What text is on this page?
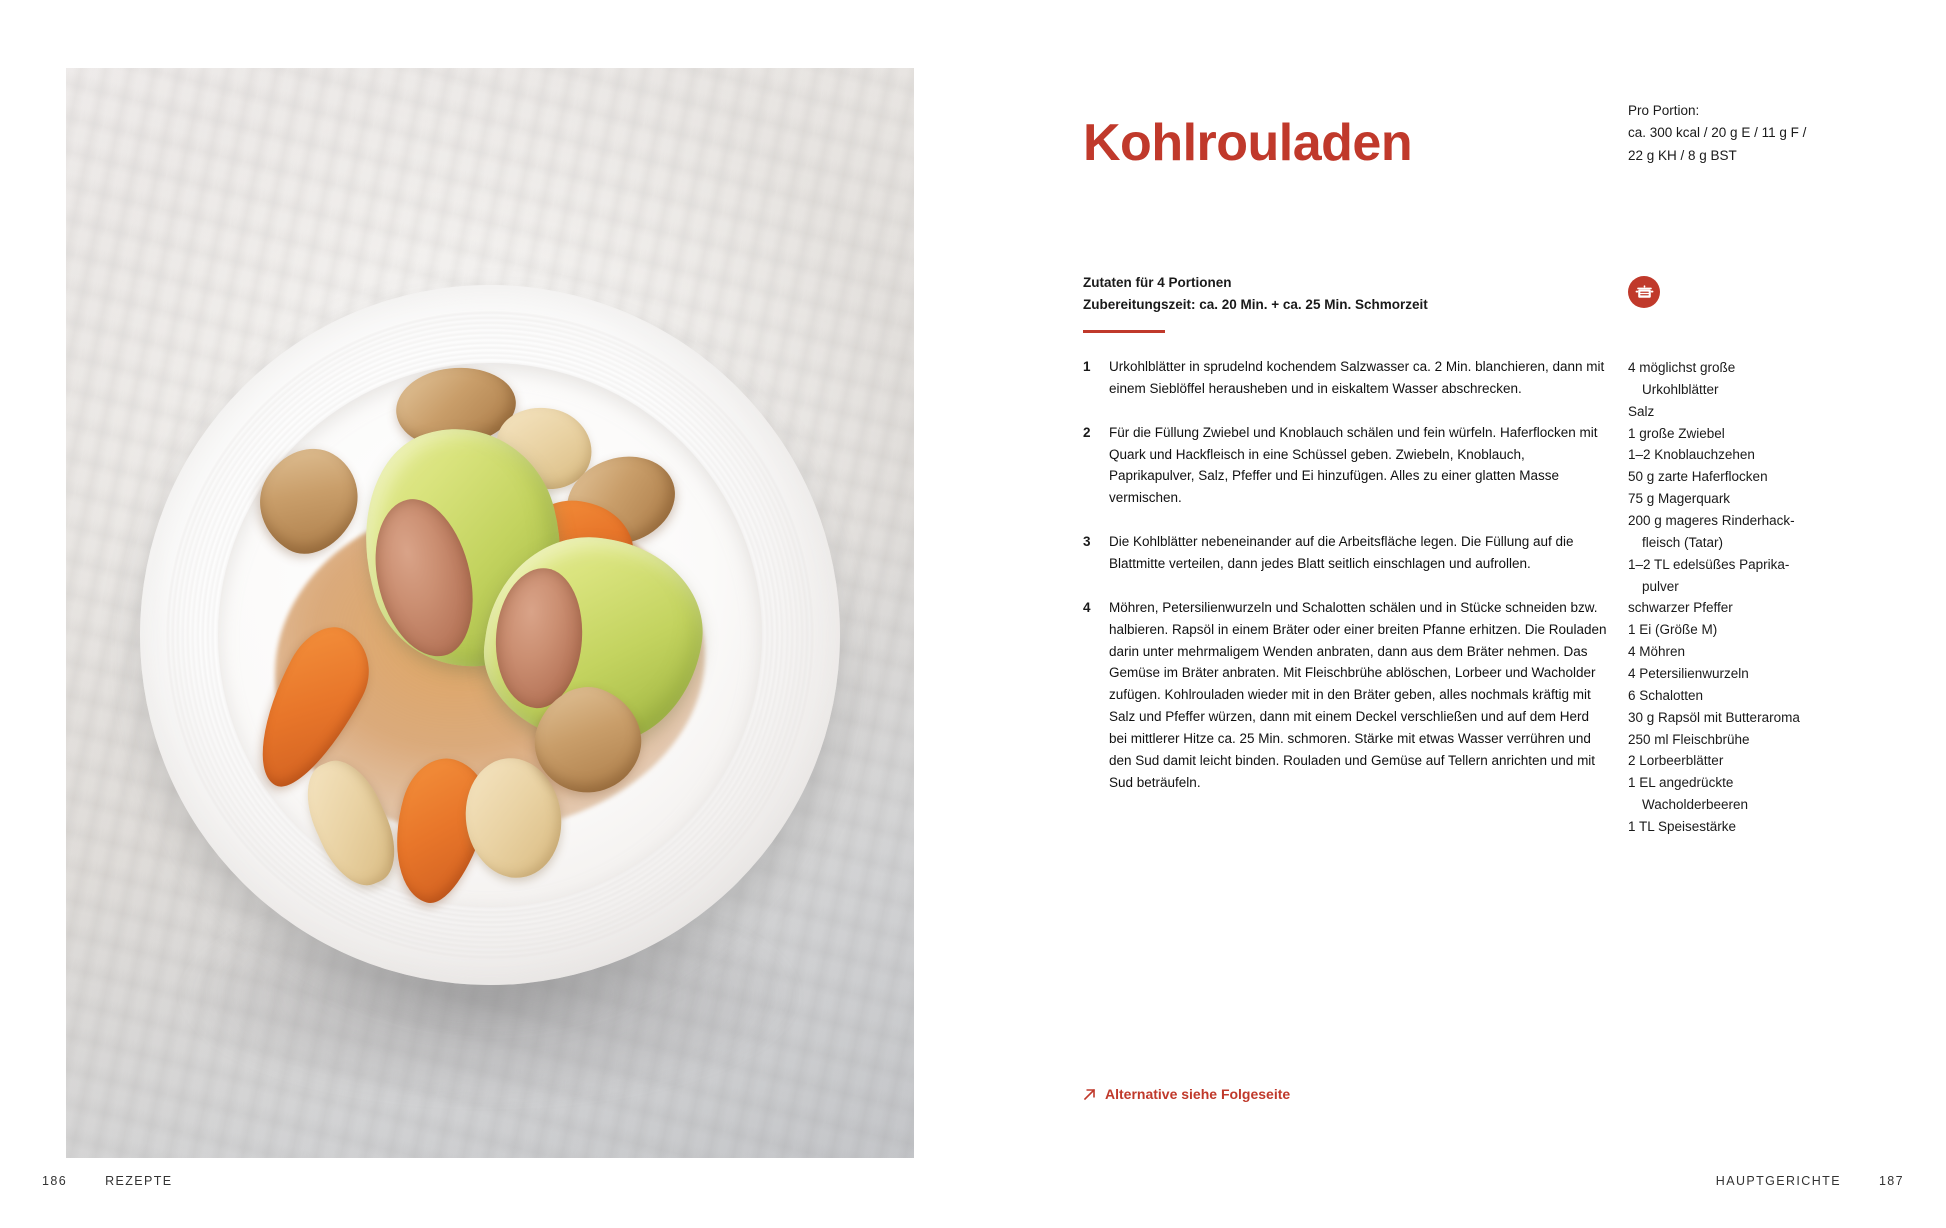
186	REZEPTE
Kohlrouladen
Pro Portion:
ca. 300 kcal / 20 g E / 11 g F /
22 g KH / 8 g BST
Zutaten für 4 Portionen
Zubereitungszeit: ca. 20 Min. + ca. 25 Min. Schmorzeit
1	Urkohlblätter in sprudelnd kochendem Salzwasser ca. 2 Min. blanchieren, dann mit einem Sieblöffel herausheben und in eiskaltem Wasser abschrecken.
2	Für die Füllung Zwiebel und Knoblauch schälen und fein würfeln. Haferflocken mit Quark und Hackfleisch in eine Schüssel geben. Zwiebeln, Knoblauch, Paprikapulver, Salz, Pfeffer und Ei hinzufügen. Alles zu einer glatten Masse vermischen.
3	Die Kohlblätter nebeneinander auf die Arbeitsfläche legen. Die Füllung auf die Blattmitte verteilen, dann jedes Blatt seitlich einschlagen und aufrollen.
4	Möhren, Petersilienwurzeln und Schalotten schälen und in Stücke schneiden bzw. halbieren. Rapsöl in einem Bräter oder einer breiten Pfanne erhitzen. Die Rouladen darin unter mehrmaligem Wenden anbraten, dann aus dem Bräter nehmen. Das Gemüse im Bräter anbraten. Mit Fleischbrühe ablöschen, Lorbeer und Wacholder zufügen. Kohlrouladen wieder mit in den Bräter geben, alles nochmals kräftig mit Salz und Pfeffer würzen, dann mit einem Deckel verschließen und auf dem Herd bei mittlerer Hitze ca. 25 Min. schmoren. Stärke mit etwas Wasser verrühren und den Sud damit leicht binden. Rouladen und Gemüse auf Tellern anrichten und mit Sud beträufeln.
4 möglichst große
Urkohlblätter
Salz
1 große Zwiebel
1–2 Knoblauchzehen
50 g zarte Haferflocken
75 g Magerquark
200 g mageres Rinderhack-
fleisch (Tatar)
1–2 TL edelsüßes Paprika-
pulver
schwarzer Pfeffer
1 Ei (Größe M)
4 Möhren
4 Petersilienwurzeln
6 Schalotten
30 g Rapsöl mit Butteraroma
250 ml Fleischbrühe
2 Lorbeerblätter
1 EL angedrückte
Wacholderbeeren
1 TL Speisestärke
Alternative siehe Folgeseite
HAUPTGERICHTE	187
